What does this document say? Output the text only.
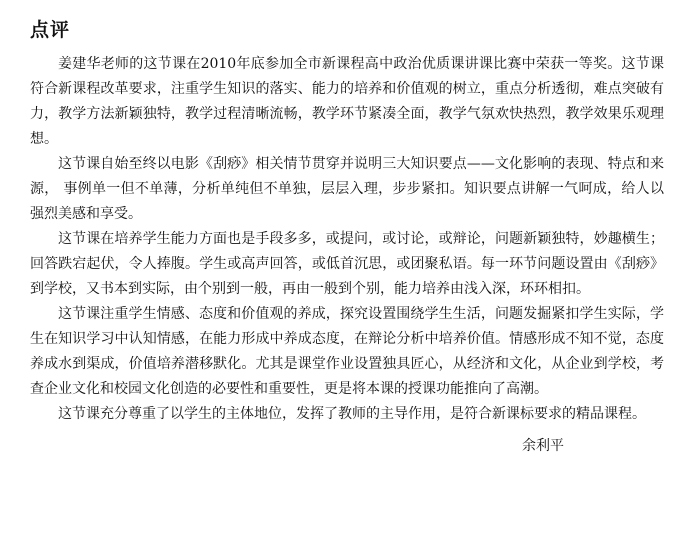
点评

姜建华老师的这节课在2010年底参加全市新课程高中政治优质课讲课比赛中荣获一等奖。这节课符合新课程改革要求，注重学生知识的落实、能力的培养和价值观的树立，重点分析透彻，难点突破有力，教学方法新颖独特，教学过程清晰流畅，教学环节紧凑全面，教学气氛欢快热烈，教学效果乐观理想。

这节课自始至终以电影《刮痧》相关情节贯穿并说明三大知识要点——文化影响的表现、特点和来源， 事例单一但不单薄，分析单纯但不单独，层层入理，步步紧扣。知识要点讲解一气呵成，给人以强烈美感和享受。

这节课在培养学生能力方面也是手段多多，或提问，或讨论，或辩论，问题新颖独特，妙趣横生；回答跌宕起伏，令人捧腹。学生或高声回答，或低首沉思，或团聚私语。每一环节问题设置由《刮痧》到学校，又书本到实际，由个别到一般，再由一般到个别，能力培养由浅入深，环环相扣。

这节课注重学生情感、态度和价值观的养成，探究设置围绕学生生活，问题发掘紧扣学生实际，学生在知识学习中认知情感，在能力形成中养成态度，在辩论分析中培养价值。情感形成不知不觉，态度养成水到渠成，价值培养潜移默化。尤其是课堂作业设置独具匠心，从经济和文化，从企业到学校，考查企业文化和校园文化创造的必要性和重要性，更是将本课的授课功能推向了高潮。

这节课充分尊重了以学生的主体地位，发挥了教师的主导作用，是符合新课标要求的精品课程。

余利平
